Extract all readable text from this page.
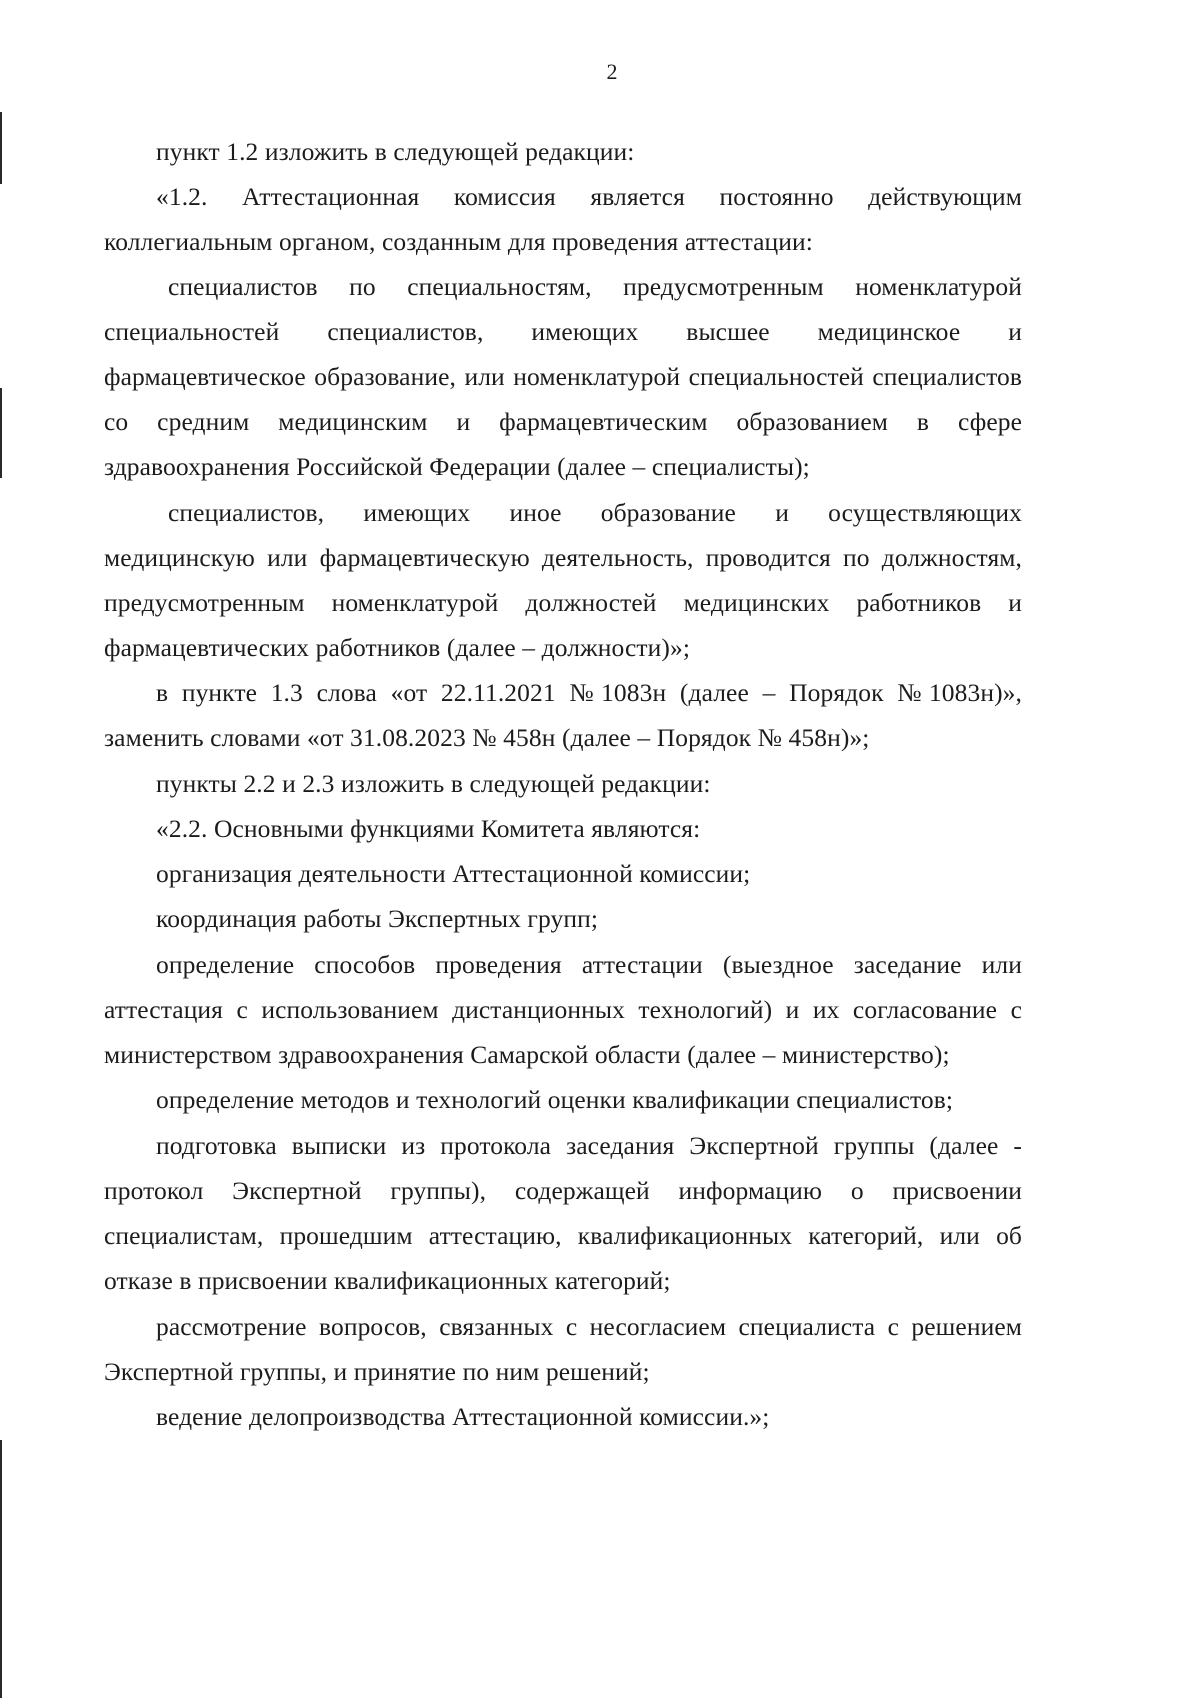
2
пункт 1.2 изложить в следующей редакции:
«1.2. Аттестационная комиссия является постоянно действующим
коллегиальным органом, созданным для проведения аттестации:
специалистов по специальностям, предусмотренным номенклатурой
специальностей специалистов, имеющих высшее медицинское и
фармацевтическое образование, или номенклатурой специальностей специалистов
со средним медицинским и фармацевтическим образованием в сфере
здравоохранения Российской Федерации (далее – специалисты);
специалистов, имеющих иное образование и осуществляющих
медицинскую или фармацевтическую деятельность, проводится по должностям,
предусмотренным номенклатурой должностей медицинских работников и
фармацевтических работников (далее – должности)»;
в пункте 1.3 слова «от 22.11.2021 №1083н (далее – Порядок №1083н)»,
заменить словами «от 31.08.2023 № 458н (далее – Порядок № 458н)»;
пункты 2.2 и 2.3 изложить в следующей редакции:
«2.2. Основными функциями Комитета являются:
организация деятельности Аттестационной комиссии;
координация работы Экспертных групп;
определение способов проведения аттестации (выездное заседание или
аттестация с использованием дистанционных технологий) и их согласование с
министерством здравоохранения Самарской области (далее – министерство);
определение методов и технологий оценки квалификации специалистов;
подготовка выписки из протокола заседания Экспертной группы (далее -
протокол Экспертной группы), содержащей информацию о присвоении
специалистам, прошедшим аттестацию, квалификационных категорий, или об
отказе в присвоении квалификационных категорий;
рассмотрение вопросов, связанных с несогласием специалиста с решением
Экспертной группы, и принятие по ним решений;
ведение делопроизводства Аттестационной комиссии.»;
